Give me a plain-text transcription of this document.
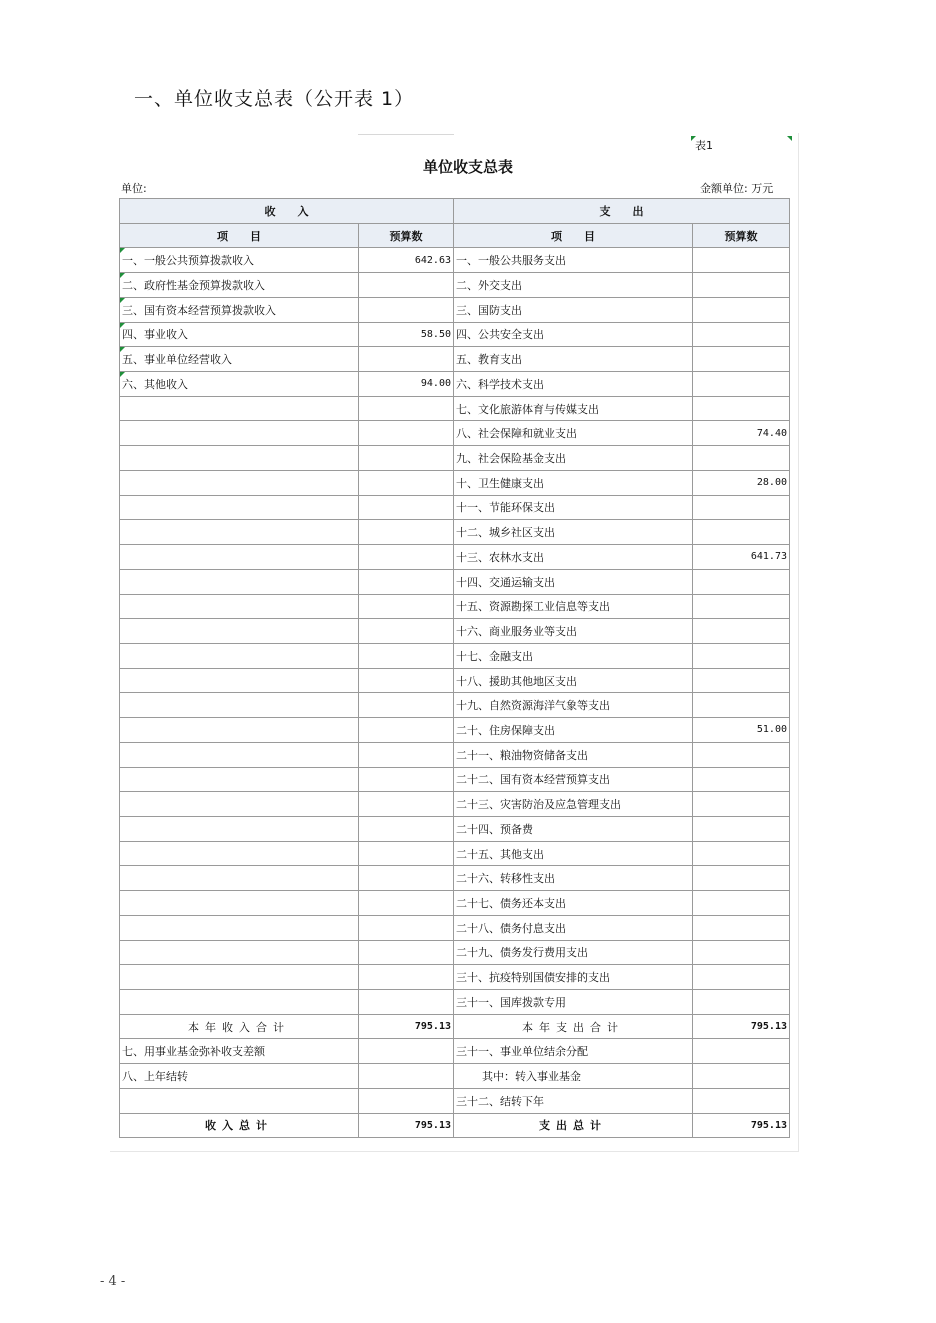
一、单位收支总表（公开表 1）
表1
单位收支总表
单位:	金额单位: 万元
收　　入		支　　出	
项　　目	预算数	项　　目	预算数

一、一般公共预算拨款收入	642.63	一、一般公共服务支出	

二、政府性基金预算拨款收入		二、外交支出	

三、国有资本经营预算拨款收入		三、国防支出	

四、事业收入	58.50	四、公共安全支出	

五、事业单位经营收入		五、教育支出	

六、其他收入	94.00	六、科学技术支出	
		七、文化旅游体育与传媒支出	
		八、社会保障和就业支出	74.40
		九、社会保险基金支出	
		十、卫生健康支出	28.00
		十一、节能环保支出	
		十二、城乡社区支出	
		十三、农林水支出	641.73
		十四、交通运输支出	
		十五、资源勘探工业信息等支出	
		十六、商业服务业等支出	
		十七、金融支出	
		十八、援助其他地区支出	
		十九、自然资源海洋气象等支出	
		二十、住房保障支出	51.00
		二十一、粮油物资储备支出	
		二十二、国有资本经营预算支出	
		二十三、灾害防治及应急管理支出	
		二十四、预备费	
		二十五、其他支出	
		二十六、转移性支出	
		二十七、债务还本支出	
		二十八、债务付息支出	
		二十九、债务发行费用支出	
		三十、抗疫特别国债安排的支出	
		三十一、国库拨款专用	
本年收入合计	795.13	本年支出合计	795.13
七、用事业基金弥补收支差额		三十一、事业单位结余分配	
八、上年结转		其中：转入事业基金	
		三十二、结转下年	
收入总计	795.13	支出总计	795.13
- 4 -
